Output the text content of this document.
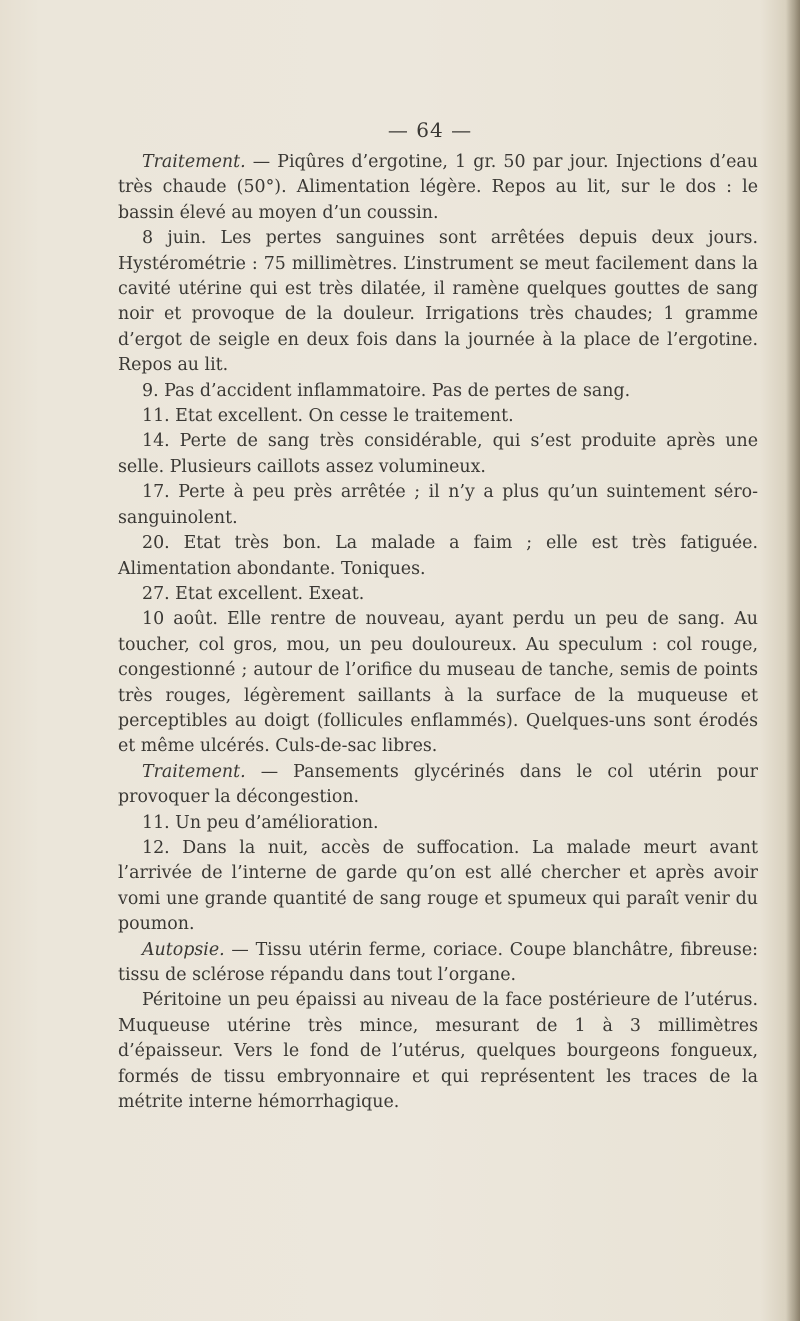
— 64 —

Traitement. — Piqûres d’ergotine, 1 gr. 50 par jour. Injections d’eau très chaude (50°). Alimentation légère. Repos au lit, sur le dos : le bassin élevé au moyen d’un coussin.

8 juin. Les pertes sanguines sont arrêtées depuis deux jours. Hystérométrie : 75 millimètres. L’instrument se meut facilement dans la cavité utérine qui est très dilatée, il ramène quelques gouttes de sang noir et provoque de la douleur. Irrigations très chaudes; 1 gramme d’ergot de seigle en deux fois dans la journée à la place de l’ergotine. Repos au lit.

9. Pas d’accident inflammatoire. Pas de pertes de sang.

11. Etat excellent. On cesse le traitement.

14. Perte de sang très considérable, qui s’est produite après une selle. Plusieurs caillots assez volumineux.

17. Perte à peu près arrêtée ; il n’y a plus qu’un suintement séro-sanguinolent.

20. Etat très bon. La malade a faim ; elle est très fatiguée. Alimentation abondante. Toniques.

27. Etat excellent. Exeat.

10 août. Elle rentre de nouveau, ayant perdu un peu de sang. Au toucher, col gros, mou, un peu douloureux. Au speculum : col rouge, congestionné ; autour de l’orifice du museau de tanche, semis de points très rouges, légèrement saillants à la surface de la muqueuse et perceptibles au doigt (follicules enflammés). Quelques-uns sont érodés et même ulcérés. Culs-de-sac libres.

Traitement. — Pansements glycérinés dans le col utérin pour provoquer la décongestion.

11. Un peu d’amélioration.

12. Dans la nuit, accès de suffocation. La malade meurt avant l’arrivée de l’interne de garde qu’on est allé chercher et après avoir vomi une grande quantité de sang rouge et spumeux qui paraît venir du poumon.

Autopsie. — Tissu utérin ferme, coriace. Coupe blanchâtre, fibreuse: tissu de sclérose répandu dans tout l’organe.

Péritoine un peu épaissi au niveau de la face postérieure de l’utérus. Muqueuse utérine très mince, mesurant de 1 à 3 millimètres d’épaisseur. Vers le fond de l’utérus, quelques bourgeons fongueux, formés de tissu embryonnaire et qui représentent les traces de la métrite interne hémorrhagique.
